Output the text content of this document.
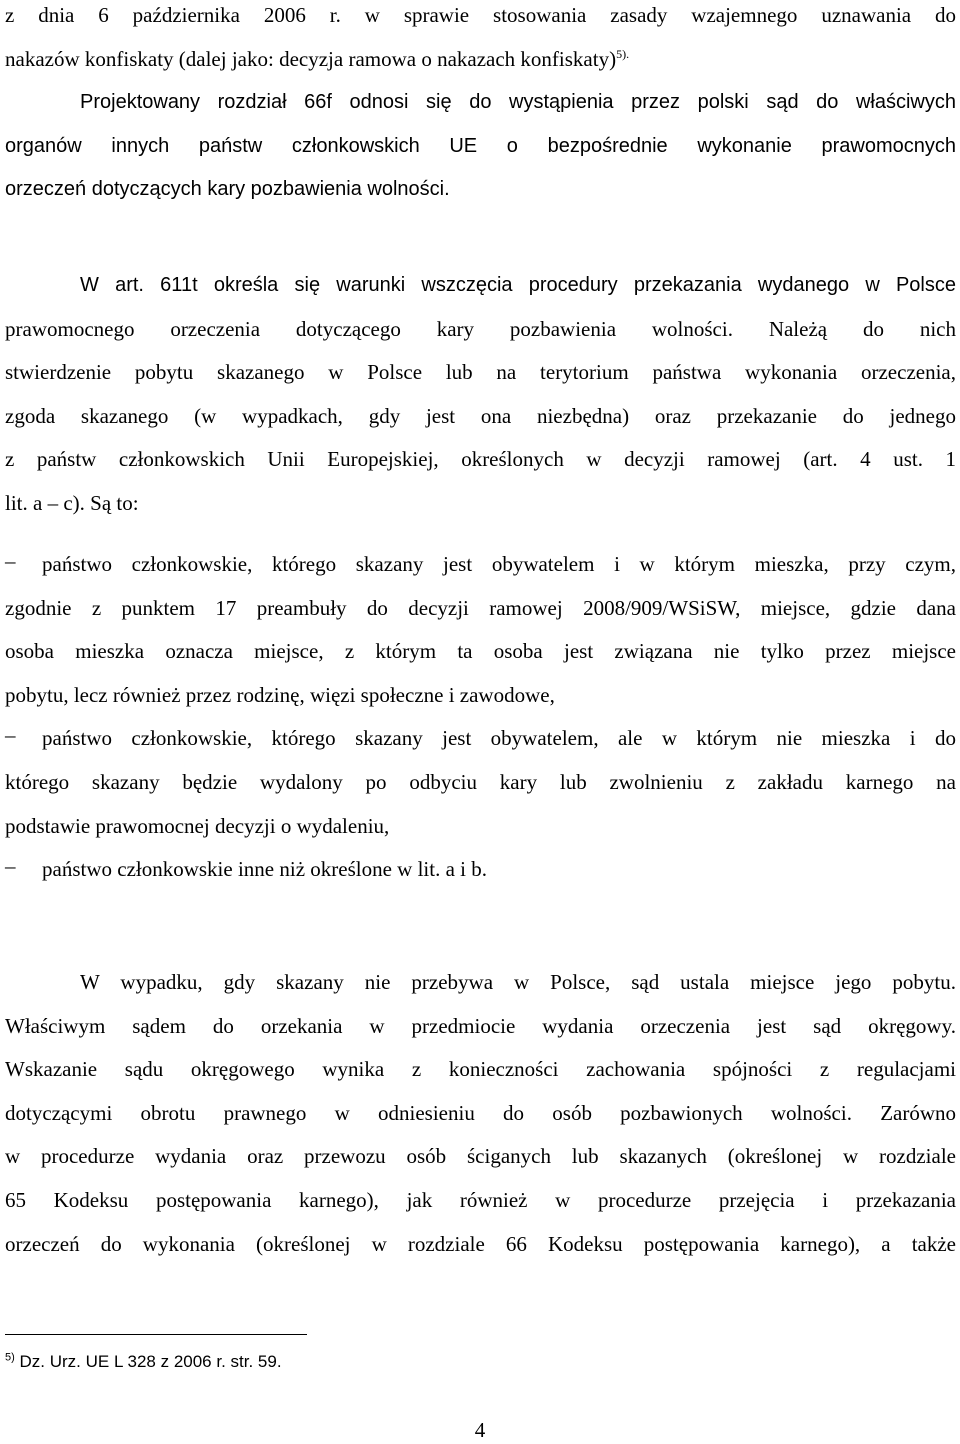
z dnia 6 października 2006 r. w sprawie stosowania zasady wzajemnego uznawania do
nakazów konfiskaty (dalej jako: decyzja ramowa o nakazach konfiskaty)$^{5).}$
Projektowany rozdział 66f odnosi się do wystąpienia przez polski sąd do właściwych
organów innych państw członkowskich UE o bezpośrednie wykonanie prawomocnych
orzeczeń dotyczących kary pozbawienia wolności.
W art. 611t określa się warunki wszczęcia procedury przekazania wydanego w Polsce
prawomocnego orzeczenia dotyczącego kary pozbawienia wolności. Należą do nich
stwierdzenie pobytu skazanego w Polsce lub na terytorium państwa wykonania orzeczenia,
zgoda skazanego (w wypadkach, gdy jest ona niezbędna) oraz przekazanie do jednego
z państw członkowskich Unii Europejskiej, określonych w decyzji ramowej (art. 4 ust. 1
lit. a – c). Są to:
–	państwo członkowskie, którego skazany jest obywatelem i w którym mieszka, przy czym,
zgodnie z punktem 17 preambuły do decyzji ramowej 2008/909/WSiSW, miejsce, gdzie dana
osoba mieszka oznacza miejsce, z którym ta osoba jest związana nie tylko przez miejsce
pobytu, lecz również przez rodzinę, więzi społeczne i zawodowe,
–	państwo członkowskie, którego skazany jest obywatelem, ale w którym nie mieszka i do
którego skazany będzie wydalony po odbyciu kary lub zwolnieniu z zakładu karnego na
podstawie prawomocnej decyzji o wydaleniu,
–	państwo członkowskie inne niż określone w lit. a i b.
W wypadku, gdy skazany nie przebywa w Polsce, sąd ustala miejsce jego pobytu.
Właściwym sądem do orzekania w przedmiocie wydania orzeczenia jest sąd okręgowy.
Wskazanie sądu okręgowego wynika z konieczności zachowania spójności z regulacjami
dotyczącymi obrotu prawnego w odniesieniu do osób pozbawionych wolności. Zarówno
w procedurze wydania oraz przewozu osób ściganych lub skazanych (określonej w rozdziale
65 Kodeksu postępowania karnego), jak również w procedurze przejęcia i przekazania
orzeczeń do wykonania (określonej w rozdziale 66 Kodeksu postępowania karnego), a także
$^{5)}$ Dz. Urz. UE L 328 z 2006 r. str. 59.
4
